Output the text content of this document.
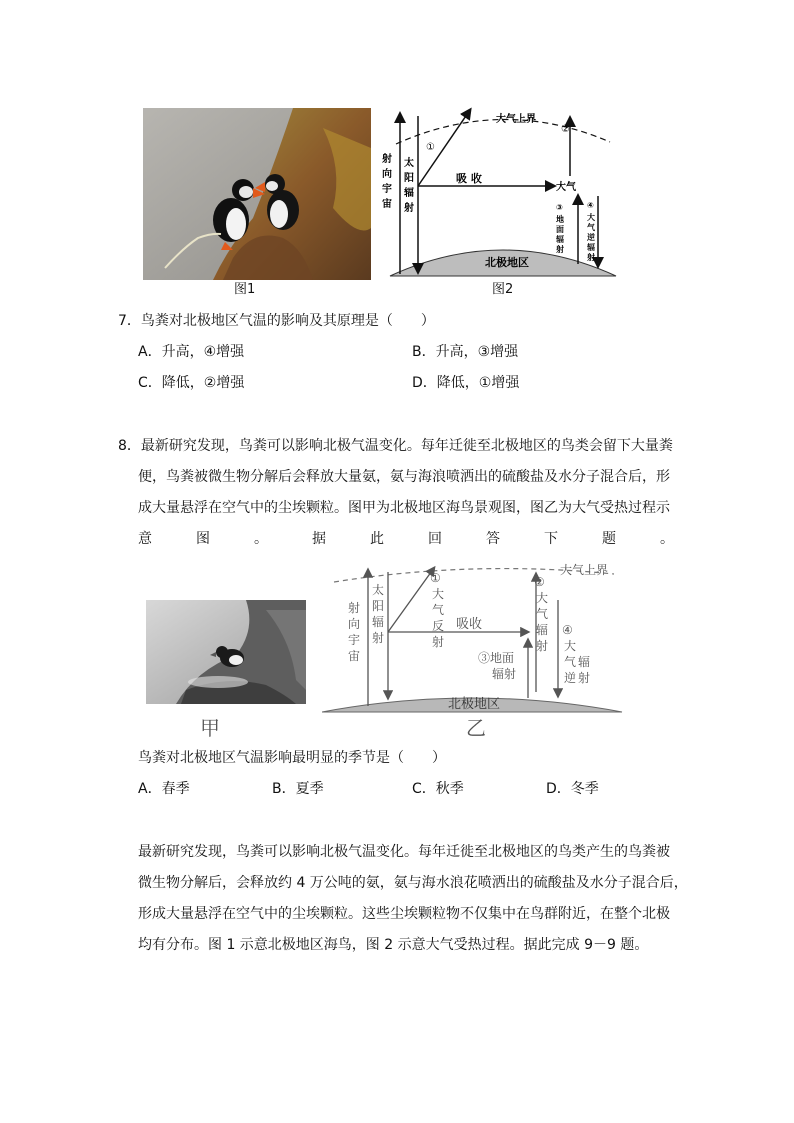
图1
北极地区
大气上界
射向宇宙
太阳辐射
①
吸 收
大气
②
③ 地面辐射
④ 大气逆辐射
图2
7．鸟粪对北极地区气温的影响及其原理是（　　）
A．升高，④增强	B．升高，③增强
C．降低，②增强	D．降低，①增强
8．最新研究发现，鸟粪可以影响北极气温变化。每年迁徙至北极地区的鸟类会留下大量粪
便，鸟粪被微生物分解后会释放大量氨，氨与海浪喷洒出的硫酸盐及水分子混合后，形
成大量悬浮在空气中的尘埃颗粒。图甲为北极地区海鸟景观图，图乙为大气受热过程示
意	图	。	据	此	回	答	下	题	。
甲
北极地区
大气上界
射向宇宙
太阳辐射
① 大气反射
吸收
② 大气辐射
③地面
辐射
④ 大气逆辐射
乙
鸟粪对北极地区气温影响最明显的季节是（　　）
A．春季	B．夏季	C．秋季	D．冬季
最新研究发现，鸟粪可以影响北极气温变化。每年迁徙至北极地区的鸟类产生的鸟粪被
微生物分解后，会释放约 4 万公吨的氨，氨与海水浪花喷洒出的硫酸盐及水分子混合后，
形成大量悬浮在空气中的尘埃颗粒。这些尘埃颗粒物不仅集中在鸟群附近，在整个北极
均有分布。图 1 示意北极地区海鸟，图 2 示意大气受热过程。据此完成 9－9 题。
